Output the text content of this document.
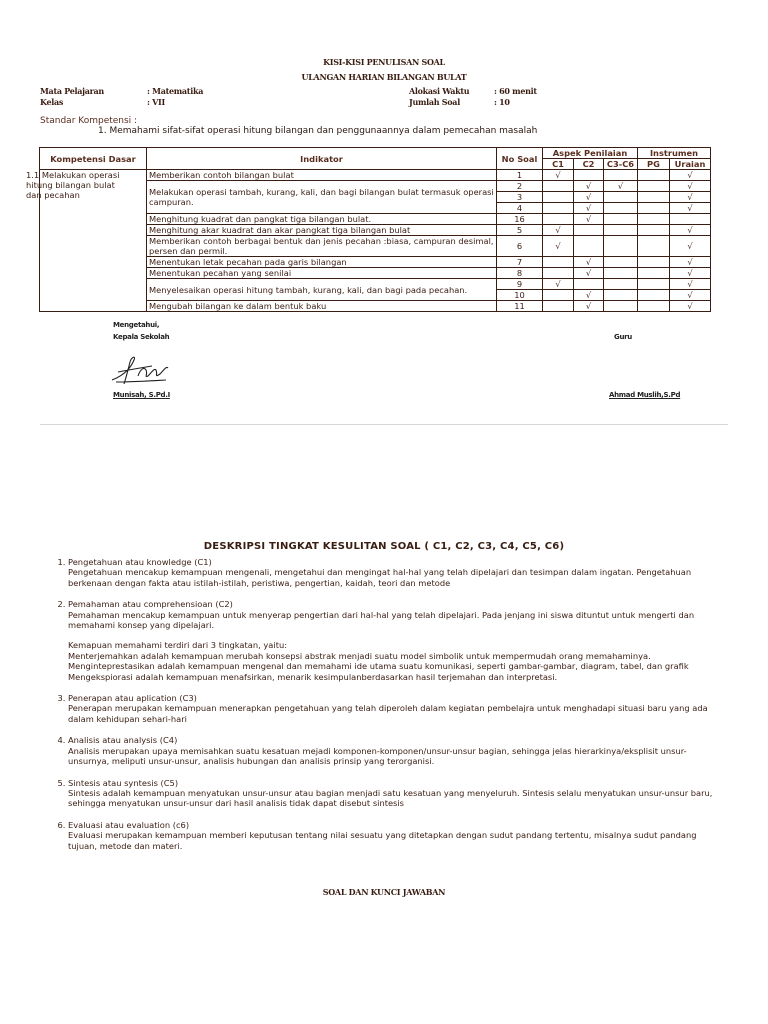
KISI-KISI PENULISAN SOAL
ULANGAN HARIAN BILANGAN BULAT
Mata Pelajaran	: Matematika
Kelas	: VII
Alokasi Waktu	: 60 menit
Jumlah Soal	: 10
Standar Kompetensi :
1. Memahami sifat-sifat operasi hitung bilangan dan penggunaannya dalam pemecahan masalah
Kompetensi Dasar	Indikator	No Soal	Aspek Penilaian			Instrumen	
			C1	C2	C3-C6	PG	Uraian

1.1 Melakukan operasi hitung bilangan bulat dan pecahan	Memberikan contoh bilangan bulat	1	√				√
	Melakukan operasi tambah, kurang, kali, dan bagi bilangan bulat termasuk operasi campuran.	2		√	√		√
		3		√			√
		4		√			√
	Menghitung kuadrat dan pangkat tiga bilangan bulat.	16		√			
	Menghitung akar kuadrat dan akar pangkat tiga bilangan bulat	5	√				√
	Memberikan contoh berbagai bentuk dan jenis pecahan :biasa, campuran desimal, persen dan permil.	6	√				√
	Menentukan letak pecahan pada garis bilangan	7		√			√
	Menentukan pecahan yang senilai	8		√			√
	Menyelesaikan operasi hitung tambah, kurang, kali, dan bagi pada pecahan.	9	√				√
		10		√			√
	Mengubah bilangan ke dalam bentuk baku	11		√			√
Mengetahui,
Kepala Sekolah	Guru
Munisah, S.Pd.I	Ahmad Muslih,S.Pd
DESKRIPSI TINGKAT KESULITAN SOAL ( C1, C2, C3, C4, C5, C6)

1. Pengetahuan atau knowledge (C1)

Pengetahuan mencakup kemampuan mengenali, mengetahui dan mengingat hal-hal yang telah dipelajari dan tesimpan dalam ingatan. Pengetahuan berkenaan dengan fakta atau istilah-istilah, peristiwa, pengertian, kaidah, teori dan metode

2. Pemahaman atau comprehensioan (C2)

Pemahaman mencakup kemampuan untuk menyerap pengertian dari hal-hal yang telah dipelajari. Pada jenjang ini siswa dituntut untuk mengerti dan memahami konsep yang dipelajari.

Kemapuan memahami terdiri dari 3 tingkatan, yaitu:

Menterjemahkan adalah kemampuan merubah konsepsi abstrak menjadi suatu model simbolik untuk mempermudah orang memahaminya.

Menginteprestasikan adalah kemampuan mengenal dan memahami ide utama suatu komunikasi, seperti gambar-gambar, diagram, tabel, dan grafik

Mengekspiorasi adalah kemampuan menafsirkan, menarik kesimpulanberdasarkan hasil terjemahan dan interpretasi.

3. Penerapan atau aplication (C3)

Penerapan merupakan kemampuan menerapkan pengetahuan yang telah diperoleh dalam kegiatan pembelajra untuk menghadapi situasi baru yang ada dalam kehidupan sehari-hari

4. Analisis atau analysis (C4)

Analisis merupakan upaya memisahkan suatu kesatuan mejadi komponen-komponen/unsur-unsur bagian, sehingga jelas hierarkinya/eksplisit unsur-unsurnya, meliputi unsur-unsur, analisis hubungan dan analisis prinsip yang terorganisi.

5. Sintesis atau syntesis (C5)

Sintesis adalah kemampuan menyatukan unsur-unsur atau bagian menjadi satu kesatuan yang menyeluruh. Sintesis selalu menyatukan unsur-unsur baru, sehingga menyatukan unsur-unsur dari hasil analisis tidak dapat disebut sintesis

6. Evaluasi atau evaluation (c6)

Evaluasi merupakan kemampuan memberi keputusan tentang nilai sesuatu yang ditetapkan dengan sudut pandang tertentu, misalnya sudut pandang tujuan, metode dan materi.

SOAL DAN KUNCI JAWABAN
